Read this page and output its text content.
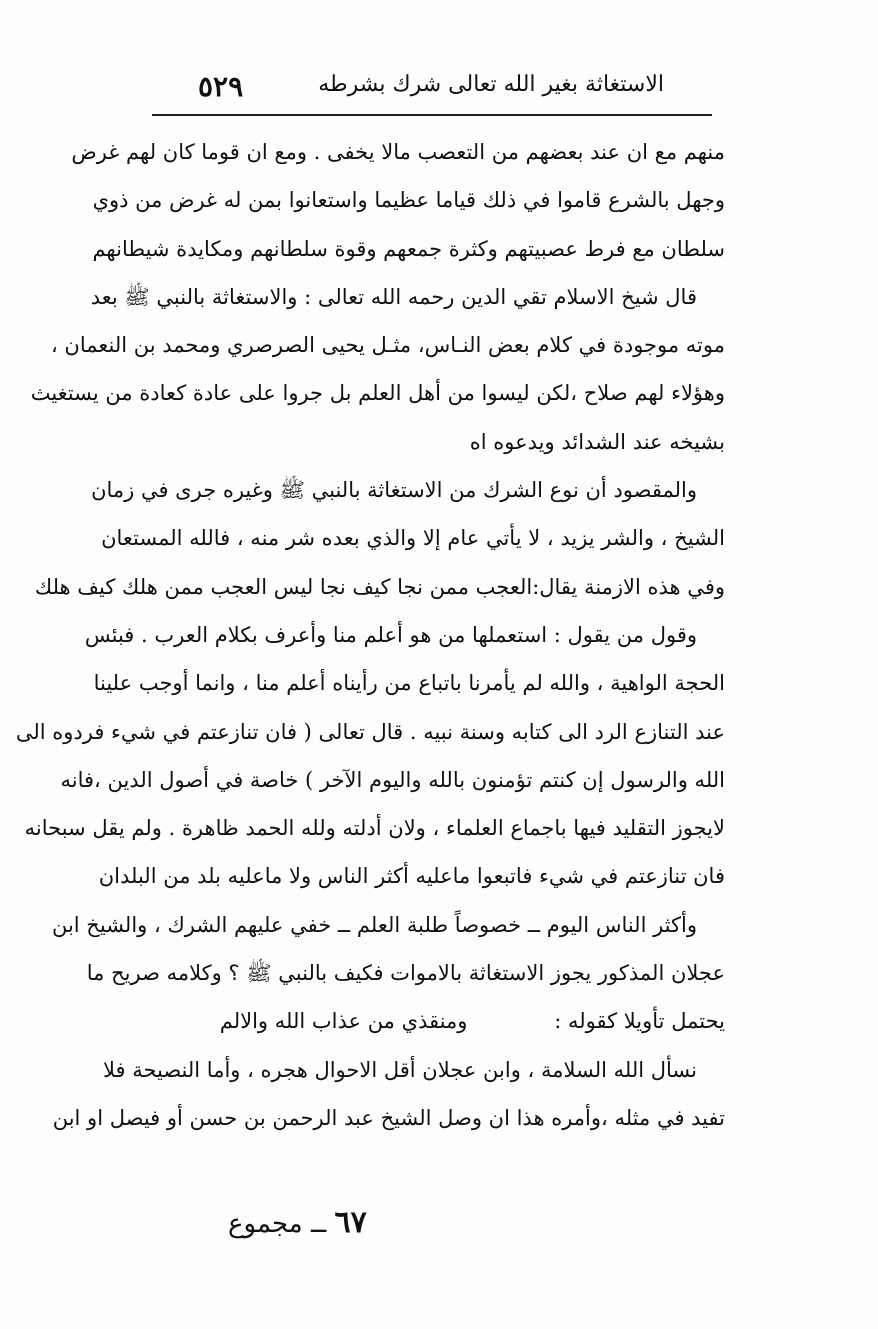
الاستغاثة بغير الله تعالى شرك بشرطه
٥٢٩
منهم مع ان عند بعضهم من التعصب مالا يخفى . ومع ان قوما كان لهم غرض
وجهل بالشرع قاموا في ذلك قياما عظيما واستعانوا بمن له غرض من ذوي
سلطان مع فرط عصبيتهم وكثرة جمعهم وقوة سلطانهم ومكايدة شيطانهم
قال شيخ الاسلام تقي الدين رحمه الله تعالى : والاستغاثة بالنبي ﷺ بعد
موته موجودة في كلام بعض النـاس، مثـل يحيى الصرصري ومحمد بن النعمان ،
وهؤلاء لهم صلاح ،لكن ليسوا من أهل العلم بل جروا على عادة كعادة من يستغيث
بشيخه عند الشدائد ويدعوه اه
والمقصود أن نوع الشرك من الاستغاثة بالنبي ﷺ وغيره جرى في زمان
الشيخ ، والشر يزيد ، لا يأتي عام إلا والذي بعده شر منه ، فالله المستعان
وفي هذه الازمنة يقال:العجب ممن نجا كيف نجا ليس العجب ممن هلك كيف هلك
وقول من يقول : استعملها من هو أعلم منا وأعرف بكلام العرب . فبئس
الحجة الواهية ، والله لم يأمرنا باتباع من رأيناه أعلم منا ، وانما أوجب علينا
عند التنازع الرد الى كتابه وسنة نبيه . قال تعالى ( فان تنازعتم في شيء فردوه الى
الله والرسول إن كنتم تؤمنون بالله واليوم الآخر ) خاصة في أصول الدين ،فانه
لايجوز التقليد فيها باجماع العلماء ، ولان أدلته ولله الحمد ظاهرة . ولم يقل سبحانه
فان تنازعتم في شيء فاتبعوا ماعليه أكثر الناس ولا ماعليه بلد من البلدان
وأكثر الناس اليوم ــ خصوصاً طلبة العلم ــ خفي عليهم الشرك ، والشيخ ابن
عجلان المذكور يجوز الاستغاثة بالاموات فكيف بالنبي ﷺ ؟ وكلامه صريح ما
يحتمل تأويلا كقوله :             ومنقذي من عذاب الله والالم
نسأل الله السلامة ، وابن عجلان أقل الاحوال هجره ، وأما النصيحة فلا
تفيد في مثله ،وأمره هذا ان وصل الشيخ عبد الرحمن بن حسن أو فيصل او ابن
٦٧ ــ مجموع
